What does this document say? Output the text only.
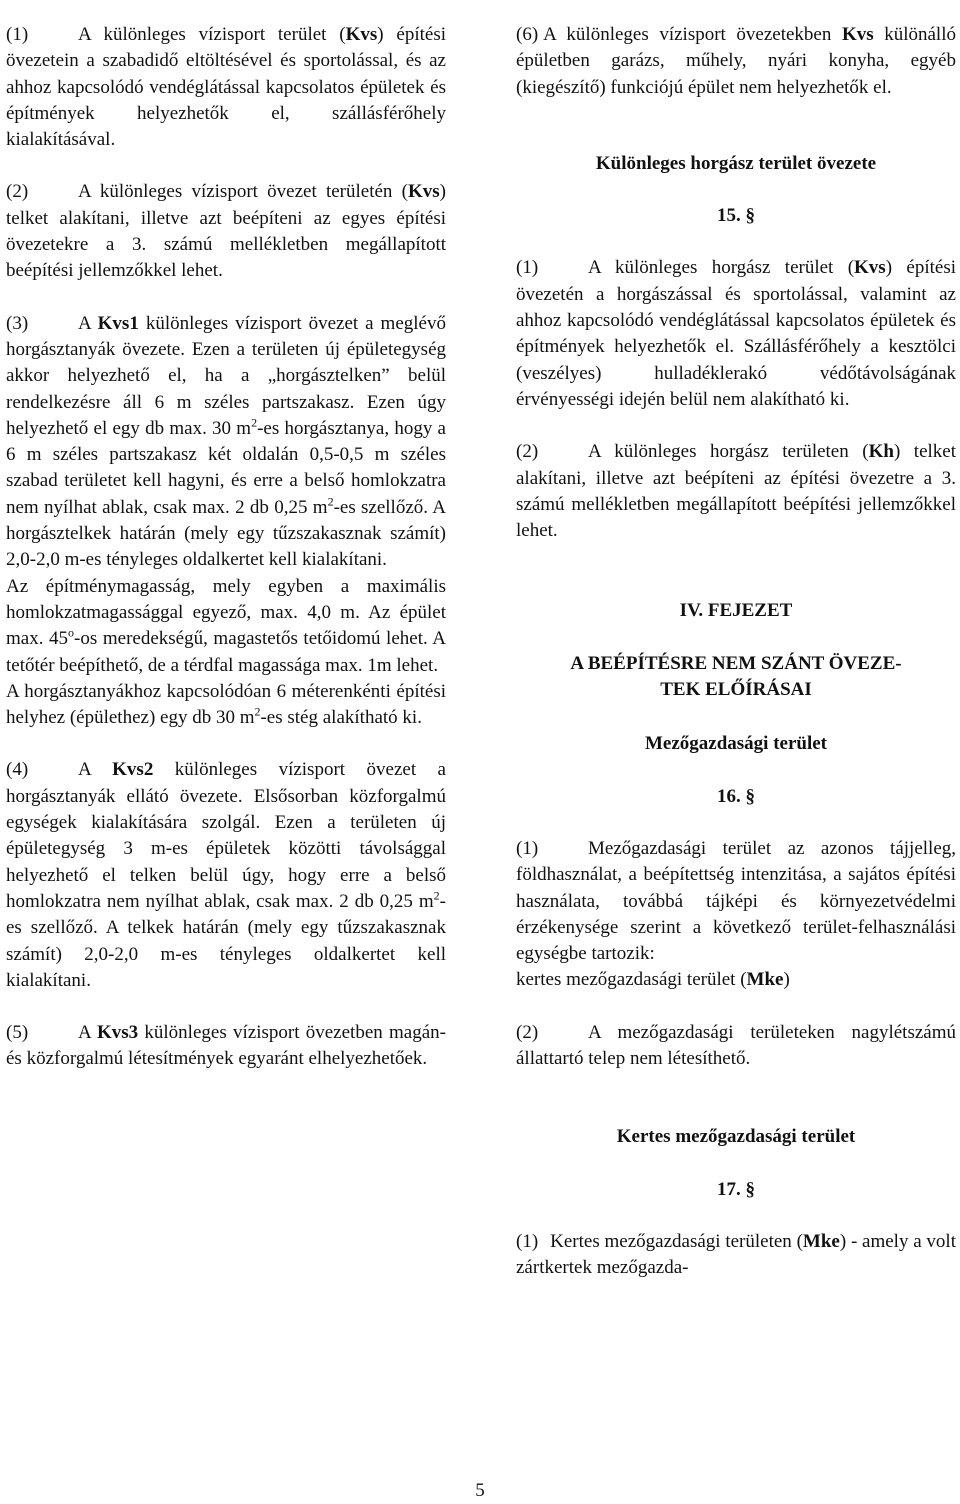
(1)	A különleges vízisport terület (Kvs) építési övezetein a szabadidő eltöltésével és sportolással, és az ahhoz kapcsolódó vendéglátással kapcsolatos épületek és építmények helyezhetők el, szállásférőhely kialakításával.

(2)	A különleges vízisport övezet területén (Kvs) telket alakítani, illetve azt beépíteni az egyes építési övezetekre a 3. számú mellékletben megállapított beépítési jellemzőkkel lehet.

(3)	A Kvs1 különleges vízisport övezet a meglévő horgásztanyák övezete. Ezen a területen új épületegység akkor helyezhető el, ha a „horgásztelken” belül rendelkezésre áll 6 m széles partszakasz. Ezen úgy helyezhető el egy db max. 30 $m^2-es$ horgásztanya, hogy a 6 m széles partszakasz két oldalán 0,5-0,5 m széles szabad területet kell hagyni, és erre a belső homlokzatra nem nyílhat ablak, csak max. 2 db 0,25 $m^2-es$ szellőző. A horgásztelkek határán (mely egy tűzszakasznak számít) 2,0-2,0 m-es tényleges oldalkertet kell kialakítani.

Az építménymagasság, mely egyben a maximális homlokzatmagassággal egyező, max. 4,0 m. Az épület max. 45$^o$-os meredekségű, magastetős tetőidomú lehet. A tetőtér beépíthető, de a térdfal magassága max. 1m lehet.

A horgásztanyákhoz kapcsolódóan 6 méterenkénti építési helyhez (épülethez) egy db 30 $m^2-es$ stég alakítható ki.

(4)	A Kvs2 különleges vízisport övezet a horgásztanyák ellátó övezete. Elsősorban közforgalmú egységek kialakítására szolgál. Ezen a területen új épületegység 3 m-es épületek közötti távolsággal helyezhető el telken belül úgy, hogy erre a belső homlokzatra nem nyílhat ablak, csak max. 2 db 0,25 $m^2-es$ szellőző. A telkek határán (mely egy tűzszakasznak számít) 2,0-2,0 m-es tényleges oldalkertet kell kialakítani.

(5)	A Kvs3 különleges vízisport övezetben magán- és közforgalmú létesítmények egyaránt elhelyezhetőek.

(6) A különleges vízisport övezetekben Kvs különálló épületben garázs, műhely, nyári konyha, egyéb (kiegészítő) funkciójú épület nem helyezhetők el.

Különleges horgász terület övezete

15. §

(1)	A különleges horgász terület (Kvs) építési övezetén a horgászással és sportolással, valamint az ahhoz kapcsolódó vendéglátással kapcsolatos épületek és építmények helyezhetők el. Szállásférőhely a kesztölci (veszélyes) hulladéklerakó védőtávolságának érvényességi idején belül nem alakítható ki.

(2)	A különleges horgász területen (Kh) telket alakítani, illetve azt beépíteni az építési övezetre a 3. számú mellékletben megállapított beépítési jellemzőkkel lehet.

IV. FEJEZET

A BEÉPÍTÉSRE NEM SZÁNT ÖVEZE-

TEK ELŐÍRÁSAI

Mezőgazdasági terület

16. §

(1)	Mezőgazdasági terület az azonos tájjelleg, földhasználat, a beépítettség intenzitása, a sajátos építési használata, továbbá tájképi és környezetvédelmi érzékenysége szerint a következő terület-felhasználási egységbe tartozik:

kertes mezőgazdasági terület (Mke)

(2)	A mezőgazdasági területeken nagylétszámú állattartó telep nem létesíthető.

Kertes mezőgazdasági terület

17. §

(1) Kertes mezőgazdasági területen (Mke) - amely a volt zártkertek mezőgazda-

5
